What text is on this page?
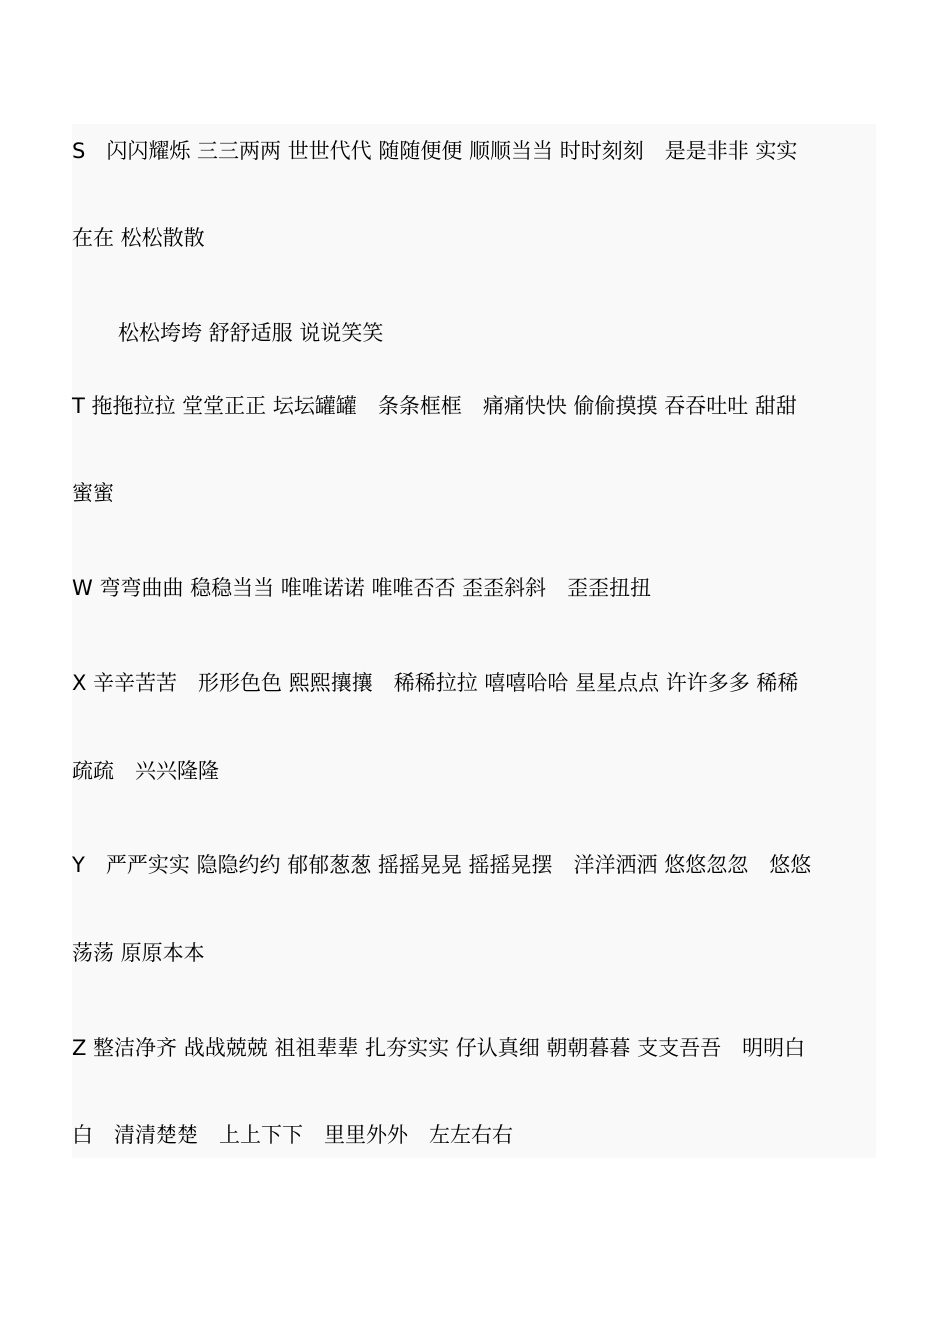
S　闪闪耀烁 三三两两 世世代代 随随便便 顺顺当当 时时刻刻　是是非非 实实
在在 松松散散
松松垮垮 舒舒适服 说说笑笑
T 拖拖拉拉 堂堂正正 坛坛罐罐　条条框框　痛痛快快 偷偷摸摸 吞吞吐吐 甜甜
蜜蜜
W 弯弯曲曲 稳稳当当 唯唯诺诺 唯唯否否 歪歪斜斜　歪歪扭扭
X 辛辛苦苦　形形色色 熙熙攘攘　稀稀拉拉 嘻嘻哈哈 星星点点 许许多多 稀稀
疏疏　兴兴隆隆
Y　严严实实 隐隐约约 郁郁葱葱 摇摇晃晃 摇摇晃摆　洋洋洒洒 悠悠忽忽　悠悠
荡荡 原原本本
Z 整洁净齐 战战兢兢 祖祖辈辈 扎夯实实 仔认真细 朝朝暮暮 支支吾吾　明明白
白　清清楚楚　上上下下　里里外外　左左右右
